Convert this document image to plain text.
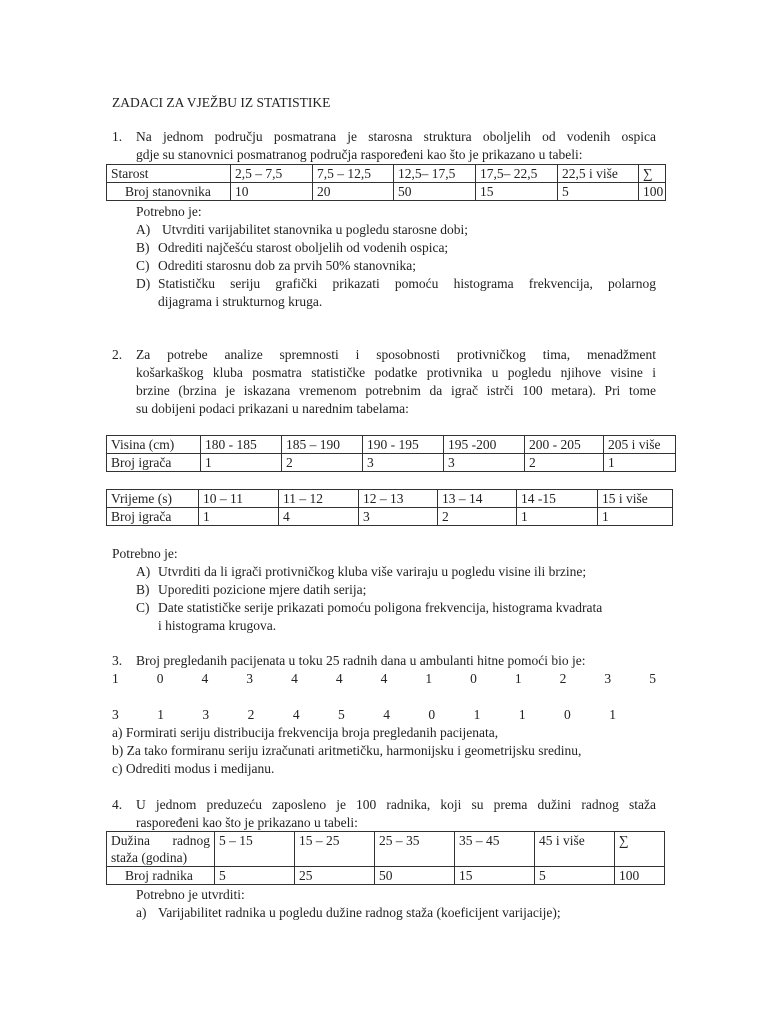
ZADACI ZA VJEŽBU IZ STATISTIKE
1. Na jednom području posmatrana je starosna struktura oboljelih od vodenih ospica
gdje su stanovnici posmatranog područja raspoređeni kao što je prikazano u tabeli:
Starost	2,5 – 7,5	7,5 – 12,5	12,5– 17,5	17,5– 22,5	22,5 i više	∑
Broj stanovnika	10	20	50	15	5	100
Potrebno je:
A) Utvrditi varijabilitet stanovnika u pogledu starosne dobi;
B) Odrediti najčešću starost oboljelih od vodenih ospica;
C) Odrediti starosnu dob za prvih 50% stanovnika;
D) Statističku seriju grafički prikazati pomoću histograma frekvencija, polarnog
dijagrama i strukturnog kruga.
2. Za potrebe analize spremnosti i sposobnosti protivničkog tima, menadžment
košarkaškog kluba posmatra statističke podatke protivnika u pogledu njihove visine i
brzine (brzina je iskazana vremenom potrebnim da igrač istrči 100 metara). Pri tome
su dobijeni podaci prikazani u narednim tabelama:
Visina (cm)	180 - 185	185 – 190	190 - 195	195 -200	200 - 205	205 i više
Broj igrača	1	2	3	3	2	1
Vrijeme (s)	10 – 11	11 – 12	12 – 13	13 – 14	14 -15	15 i više
Broj igrača	1	4	3	2	1	1
Potrebno je:
A) Utvrditi da li igrači protivničkog kluba više variraju u pogledu visine ili brzine;
B) Uporediti pozicione mjere datih serija;
C) Date statističke serije prikazati pomoću poligona frekvencija, histograma kvadrata
i histograma krugova.
3. Broj pregledanih pacijenata u toku 25 radnih dana u ambulanti hitne pomoći bio je:
1	0	4	3	4	4	4	1	0	1	2	3	5
3	1	3	2	4	5	4	0	1	1	0	1
a) Formirati seriju distribucija frekvencija broja pregledanih pacijenata,
b) Za tako formiranu seriju izračunati aritmetičku, harmonijsku i geometrijsku sredinu,
c) Odrediti modus i medijanu.
4. U jednom preduzeću zaposleno je 100 radnika, koji su prema dužini radnog staža
raspoređeni kao što je prikazano u tabeli:
Dužina radnog
staža (godina)	5 – 15	15 – 25	25 – 35	35 – 45	45 i više	∑
Broj radnika	5	25	50	15	5	100
Potrebno je utvrditi:
a) Varijabilitet radnika u pogledu dužine radnog staža (koeficijent varijacije);
